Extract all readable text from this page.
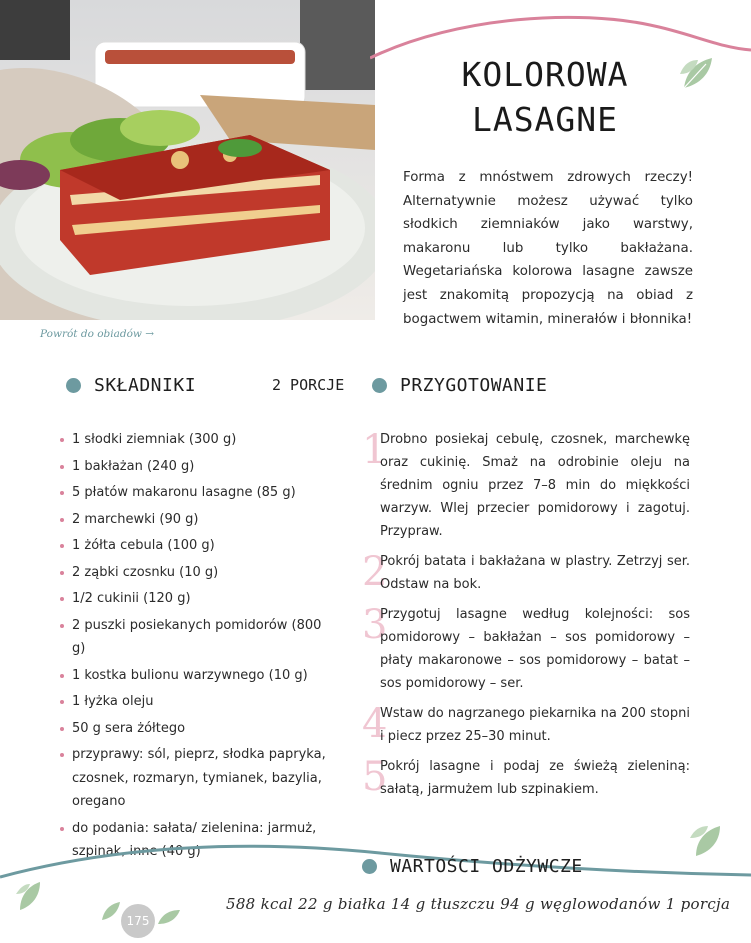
KOLOROWA
LASAGNE

Forma z mnóstwem zdrowych rzeczy! Alternatywnie możesz używać tylko słodkich ziemniaków jako warstwy, makaronu lub tylko bakłażana. Wegetariańska kolorowa lasagne zawsze jest znakomitą propozycją na obiad z bogactwem witamin, minerałów i błonnika!

Powrót do obiadów →
SKŁADNIKI	2 PORCJE	PRZYGOTOWANIE
1 słodki ziemniak (300 g)
1 bakłażan (240 g)
5 płatów makaronu lasagne (85 g)
2 marchewki (90 g)
1 żółta cebula (100 g)
2 ząbki czosnku (10 g)
1/2 cukinii (120 g)
2 puszki posiekanych pomidorów (800 g)
1 kostka bulionu warzywnego (10 g)
1 łyżka oleju
50 g sera żółtego
przyprawy: sól, pieprz, słodka papryka, czosnek, rozmaryn, tymianek, bazylia, oregano
do podania: sałata/ zielenina: jarmuż, szpinak, inne (40 g)
1
Drobno posiekaj cebulę, czosnek, marchewkę oraz cukinię. Smaż na odrobinie oleju na średnim ogniu przez 7–8 min do miękkości warzyw. Wlej przecier pomidorowy i zagotuj. Przypraw.
2
Pokrój batata i bakłażana w plastry. Zetrzyj ser. Odstaw na bok.
3
Przygotuj lasagne według kolejności: sos pomidorowy – bakłażan – sos pomidorowy – płaty makaronowe – sos pomidorowy – batat – sos pomidorowy – ser.
4
Wstaw do nagrzanego piekarnika na 200 stopni i piecz przez 25–30 minut.
5
Pokrój lasagne i podaj ze świeżą zieleniną: sałatą, jarmużem lub szpinakiem.
WARTOŚCI ODŻYWCZE
588 kcal 22 g białka 14 g tłuszczu 94 g węglowodanów 1 porcja
175
